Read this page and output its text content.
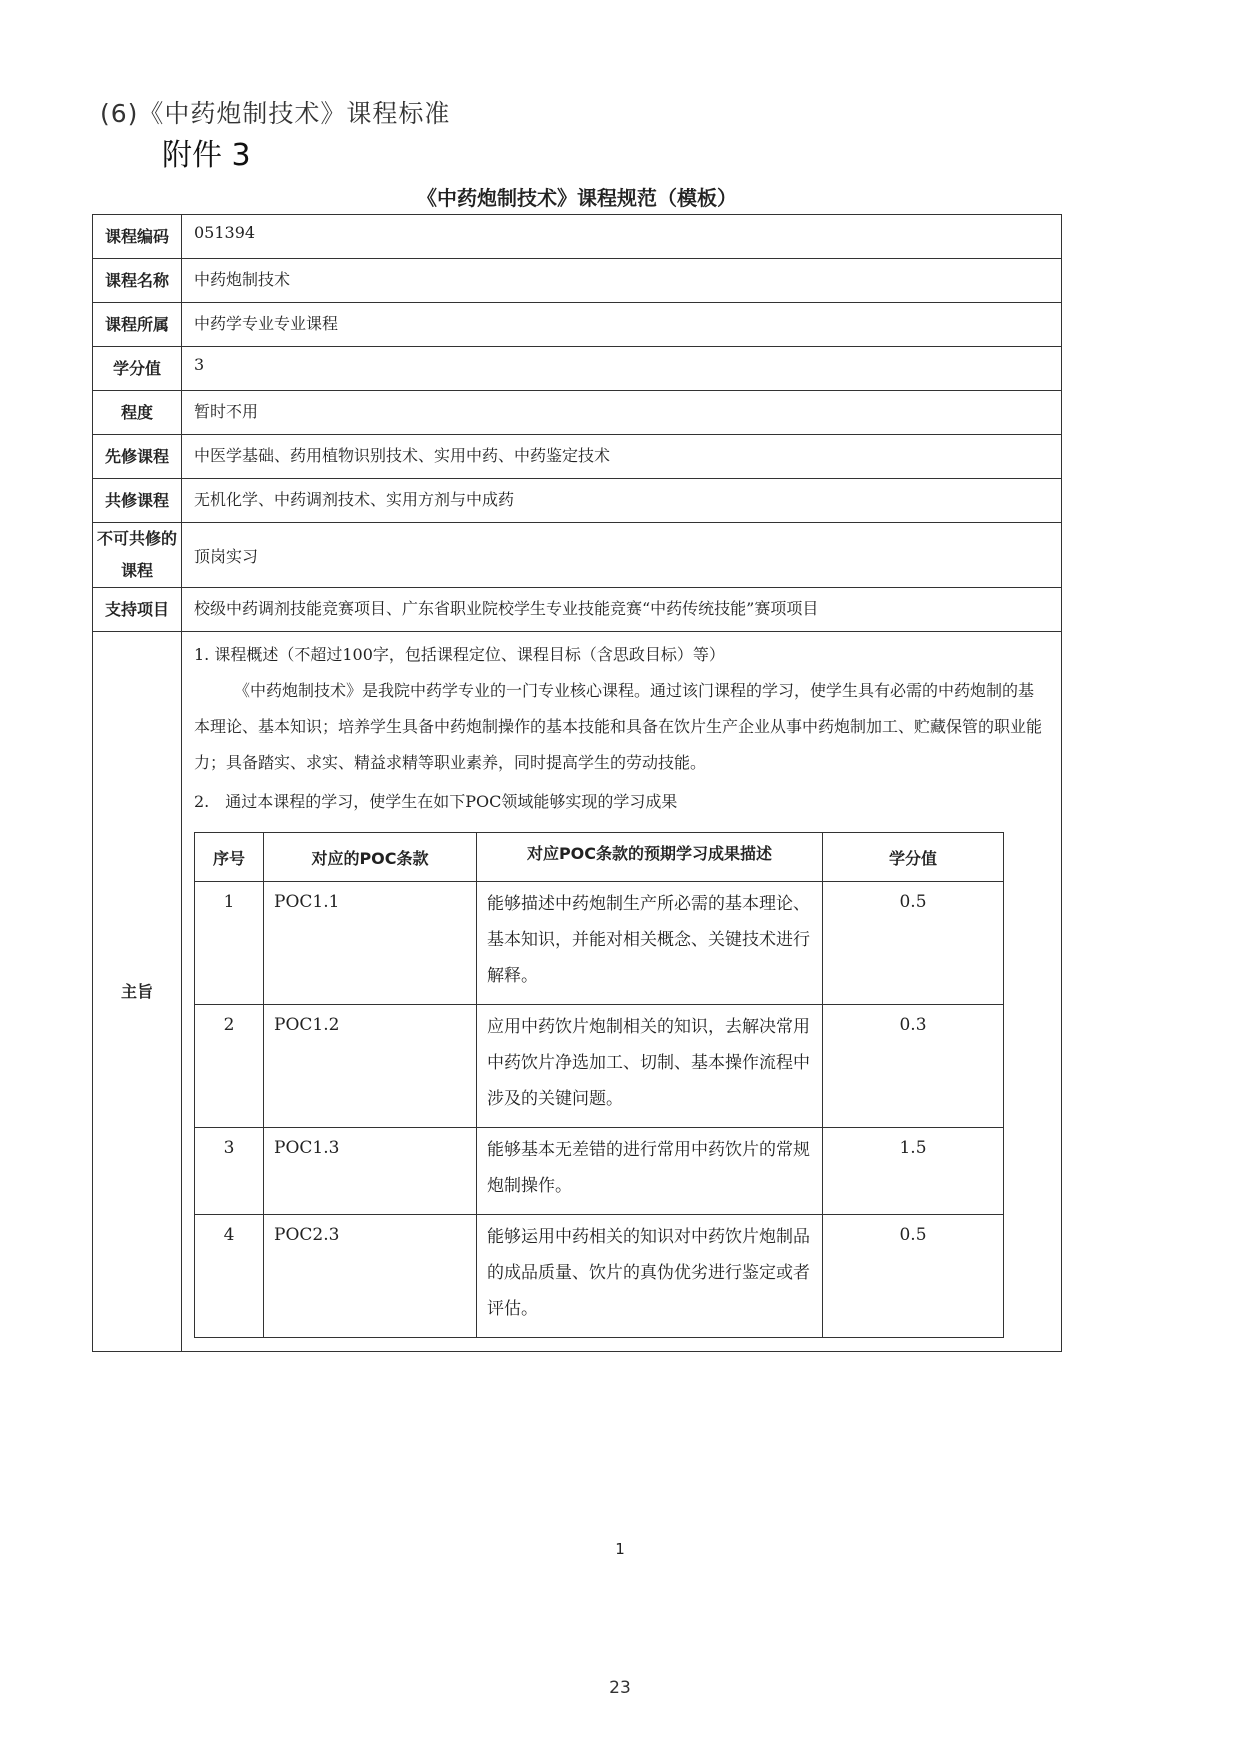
(6)《中药炮制技术》课程标准
附件 3
《中药炮制技术》课程规范（模板）
课程编码	051394
课程名称	中药炮制技术
课程所属	中药学专业专业课程
学分值	3
程度	暂时不用
先修课程	中医学基础、药用植物识别技术、实用中药、中药鉴定技术
共修课程	无机化学、中药调剂技术、实用方剂与中成药
不可共修的课程	顶岗实习
支持项目	校级中药调剂技能竞赛项目、广东省职业院校学生专业技能竞赛“中药传统技能”赛项项目
主旨	
1. 课程概述（不超过100字，包括课程定位、课程目标（含思政目标）等）
《中药炮制技术》是我院中药学专业的一门专业核心课程。通过该门课程的学习，使学生具有必需的中药炮制的基本理论、基本知识；培养学生具备中药炮制操作的基本技能和具备在饮片生产企业从事中药炮制加工、贮藏保管的职业能力；具备踏实、求实、精益求精等职业素养，同时提高学生的劳动技能。
2.　通过本课程的学习，使学生在如下POC领域能够实现的学习成果
序号	对应的POC条款	对应POC条款的预期学习成果描述	学分值
1	POC1.1	能够描述中药炮制生产所必需的基本理论、基本知识，并能对相关概念、关键技术进行解释。	0.5
2	POC1.2	应用中药饮片炮制相关的知识，去解决常用中药饮片净选加工、切制、基本操作流程中涉及的关键问题。	0.3
3	POC1.3	能够基本无差错的进行常用中药饮片的常规炮制操作。	1.5
4	POC2.3	能够运用中药相关的知识对中药饮片炮制品的成品质量、饮片的真伪优劣进行鉴定或者评估。	0.5
1
23
